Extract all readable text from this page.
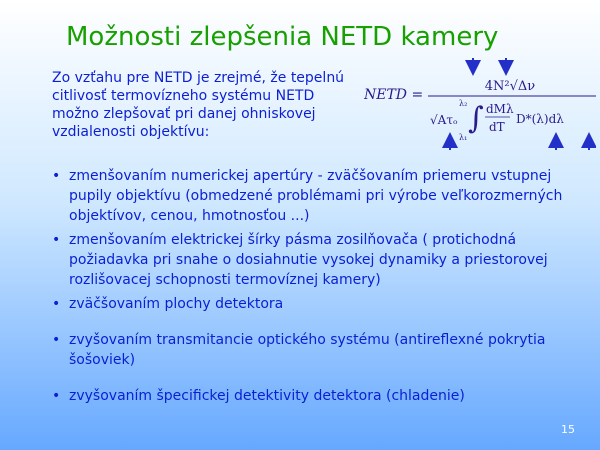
Možnosti zlepšenia NETD kamery

Zo vzťahu pre NETD je zrejmé, že tepelnú citlivosť termovízneho systému NETD možno zlepšovať pri danej ohniskovej vzdialenosti objektívu:

NETD =
4N²√Δν
√Aτₒ ∫
λ₂
λ₁
dMλ
dT
D*(λ)dλ
• zmenšovaním numerickej apertúry - zväčšovaním priemeru vstupnej pupily objektívu (obmedzené problémami pri výrobe veľkorozmerných objektívov, cenou, hmotnosťou ...)
• zmenšovaním elektrickej šírky pásma zosilňovača ( protichodná požiadavka pri snahe o dosiahnutie vysokej dynamiky a priestorovej rozlišovacej schopnosti termovíznej kamery)
• zväčšovaním plochy detektora
• zvyšovaním transmitancie optického systému (antireflexné pokrytia šošoviek)
• zvyšovaním špecifickej detektivity detektora (chladenie)
15
